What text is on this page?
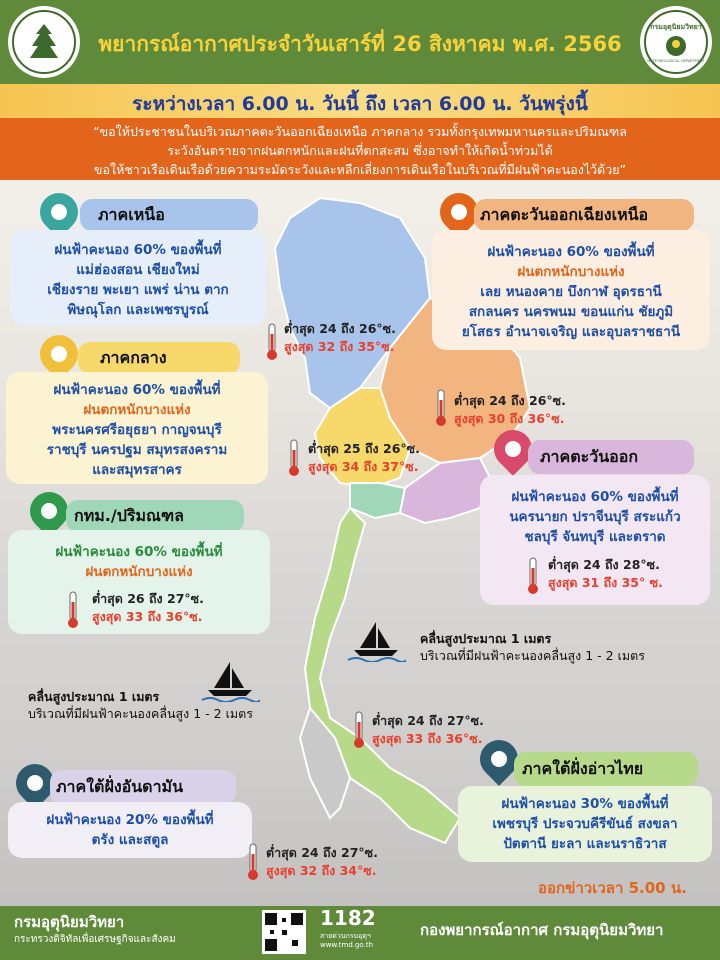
พยากรณ์อากาศประจำวันเสาร์ที่ 26 สิงหาคม พ.ศ. 2566
กรมอุตุนิยมวิทยา
METEOROLOGICAL DEPARTMENT
ระหว่างเวลา 6.00 น. วันนี้ ถึง เวลา 6.00 น. วันพรุ่งนี้
“ขอให้ประชาชนในบริเวณภาคตะวันออกเฉียงเหนือ ภาคกลาง รวมทั้งกรุงเทพมหานครและปริมณฑล
ระวังอันตรายจากฝนตกหนักและฝนที่ตกสะสม ซึ่งอาจทำให้เกิดน้ำท่วมได้
ขอให้ชาวเรือเดินเรือด้วยความระมัดระวังและหลีกเลี่ยงการเดินเรือในบริเวณที่มีฝนฟ้าคะนองไว้ด้วย”
ภาคเหนือ
ฝนฟ้าคะนอง 60% ของพื้นที่
แม่ฮ่องสอน เชียงใหม่
เชียงราย พะเยา แพร่ น่าน ตาก
พิษณุโลก และเพชรบูรณ์
ต่ำสุด 24 ถึง 26°ซ.
สูงสุด 32 ถึง 35°ซ.
ภาคตะวันออกเฉียงเหนือ
ฝนฟ้าคะนอง 60% ของพื้นที่
ฝนตกหนักบางแห่ง
เลย หนองคาย บึงกาฬ อุดรธานี
สกลนคร นครพนม ขอนแก่น ชัยภูมิ
ยโสธร อำนาจเจริญ และอุบลราชธานี
ต่ำสุด 24 ถึง 26°ซ.
สูงสุด 30 ถึง 36°ซ.
ภาคกลาง
ฝนฟ้าคะนอง 60% ของพื้นที่
ฝนตกหนักบางแห่ง
พระนครศรีอยุธยา กาญจนบุรี
ราชบุรี นครปฐม สมุทรสงคราม
และสมุทรสาคร
ต่ำสุด 25 ถึง 26°ซ.
สูงสุด 34 ถึง 37°ซ.
ภาคตะวันออก
ฝนฟ้าคะนอง 60% ของพื้นที่
นครนายก ปราจีนบุรี สระแก้ว
ชลบุรี จันทบุรี และตราด
ต่ำสุด 24 ถึง 28°ซ.
สูงสุด 31 ถึง 35° ซ.
กทม./ปริมณฑล
ฝนฟ้าคะนอง 60% ของพื้นที่
ฝนตกหนักบางแห่ง
ต่ำสุด 26 ถึง 27°ซ.
สูงสุด 33 ถึง 36°ซ.
คลื่นสูงประมาณ 1 เมตร
บริเวณที่มีฝนฟ้าคะนองคลื่นสูง 1 - 2 เมตร
คลื่นสูงประมาณ 1 เมตร
บริเวณที่มีฝนฟ้าคะนองคลื่นสูง 1 - 2 เมตร
ภาคใต้ฝั่งอ่าวไทย
ฝนฟ้าคะนอง 30% ของพื้นที่
เพชรบุรี ประจวบคีรีขันธ์ สงขลา
ปัตตานี ยะลา และนราธิวาส
ต่ำสุด 24 ถึง 27°ซ.
สูงสุด 33 ถึง 36°ซ.
ภาคใต้ฝั่งอันดามัน
ฝนฟ้าคะนอง 20% ของพื้นที่
ตรัง และสตูล
ต่ำสุด 24 ถึง 27°ซ.
สูงสุด 32 ถึง 34°ซ.
ออกข่าวเวลา 5.00 น.
กรมอุตุนิยมวิทยา
กระทรวงดิจิทัลเพื่อเศรษฐกิจและสังคม
1182
สายด่วนกรมอุตุฯ
www.tmd.go.th
กองพยากรณ์อากาศ กรมอุตุนิยมวิทยา
